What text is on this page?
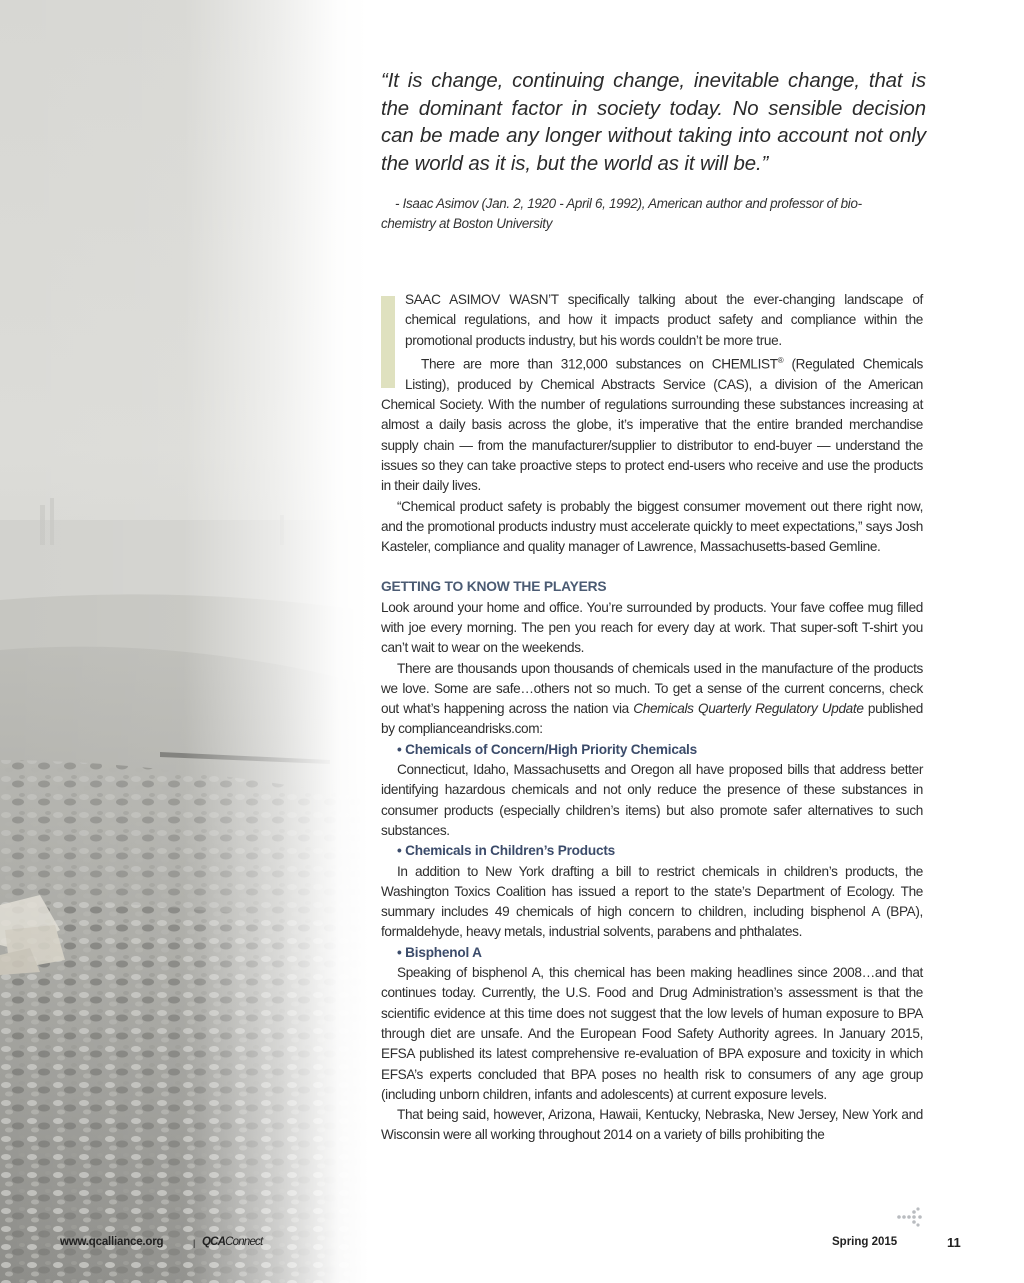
“It is change, continuing change, inevitable change, that is the dominant factor in society today. No sensible decision can be made any longer without taking into account not only the world as it is, but the world as it will be.”
- Isaac Asimov (Jan. 2, 1920 - April 6, 1992), American author and professor of bio-
chemistry at Boston University

SAAC ASIMOV WASN’T specifically talking about the ever-changing landscape of chemical regulations, and how it impacts product safety and compliance within the promotional products industry, but his words couldn’t be more true.

There are more than 312,000 substances on CHEMLIST® (Regulated Chemicals Listing), produced by Chemical Abstracts Service (CAS), a division of the American Chemical Society. With the number of regulations surrounding these substances increasing at almost a daily basis across the globe, it’s imperative that the entire branded merchandise supply chain — from the manufacturer/supplier to distributor to end-buyer — understand the issues so they can take proactive steps to protect end-users who receive and use the products in their daily lives.

“Chemical product safety is probably the biggest consumer movement out there right now, and the promotional products industry must accelerate quickly to meet expectations,” says Josh Kasteler, compliance and quality manager of Lawrence, Massachusetts-based Gemline.

GETTING TO KNOW THE PLAYERS

Look around your home and office. You’re surrounded by products. Your fave coffee mug filled with joe every morning. The pen you reach for every day at work. That super-soft T-shirt you can’t wait to wear on the weekends.

There are thousands upon thousands of chemicals used in the manufacture of the products we love. Some are safe…others not so much. To get a sense of the current concerns, check out what’s happening across the nation via Chemicals Quarterly Regulatory Update published by complianceandrisks.com:

• Chemicals of Concern/High Priority Chemicals

Connecticut, Idaho, Massachusetts and Oregon all have proposed bills that address better identifying hazardous chemicals and not only reduce the presence of these substances in consumer products (especially children’s items) but also promote safer alternatives to such substances.

• Chemicals in Children’s Products

In addition to New York drafting a bill to restrict chemicals in children’s products, the Washington Toxics Coalition has issued a report to the state’s Department of Ecology. The summary includes 49 chemicals of high concern to children, including bisphenol A (BPA), formaldehyde, heavy metals, industrial solvents, parabens and phthalates.

• Bisphenol A

Speaking of bisphenol A, this chemical has been making headlines since 2008…and that continues today. Currently, the U.S. Food and Drug Administration’s assessment is that the scientific evidence at this time does not suggest that the low levels of human exposure to BPA through diet are unsafe. And the European Food Safety Authority agrees. In January 2015, EFSA published its latest comprehensive re-evaluation of BPA exposure and toxicity in which EFSA’s experts concluded that BPA poses no health risk to consumers of any age group (including unborn children, infants and adolescents) at current exposure levels.

That being said, however, Arizona, Hawaii, Kentucky, Nebraska, New Jersey, New York and Wisconsin were all working throughout 2014 on a variety of bills prohibiting the

www.qcalliance.org	| QCAConnect	Spring 2015	11
